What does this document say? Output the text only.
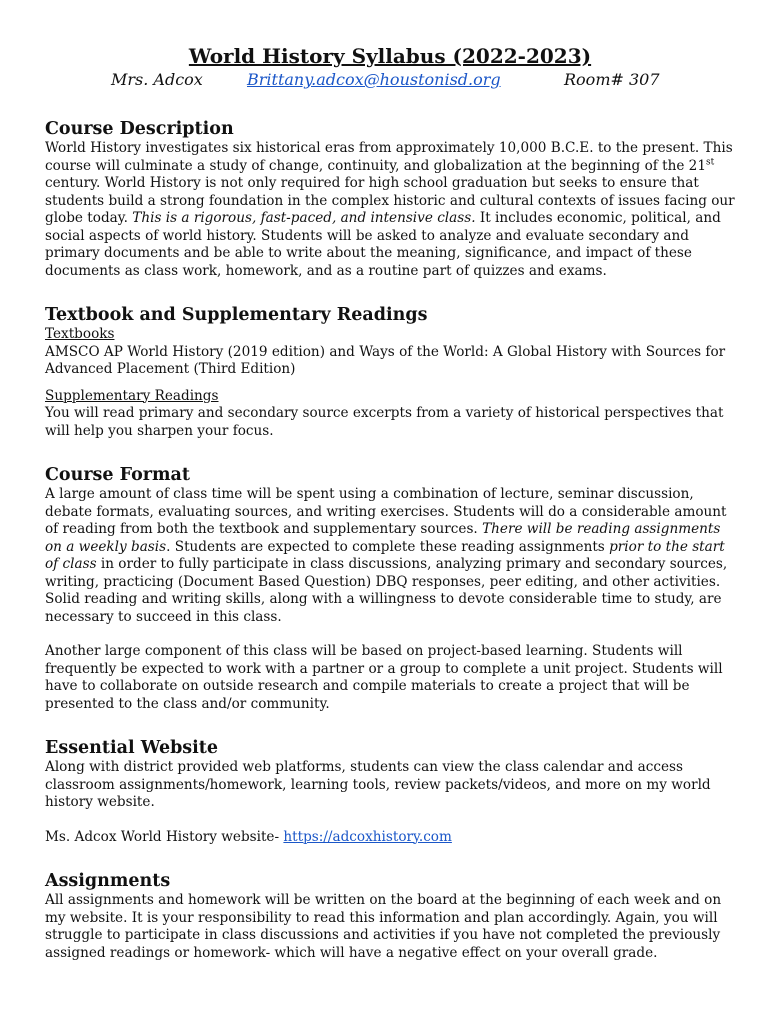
World History Syllabus (2022-2023)
Mrs. Adcox	Brittany.adcox@houstonisd.org	Room# 307
Course Description

World History investigates six historical eras from approximately 10,000 B.C.E. to the present. This course will culminate a study of change, continuity, and globalization at the beginning of the 21st century. World History is not only required for high school graduation but seeks to ensure that students build a strong foundation in the complex historic and cultural contexts of issues facing our globe today. This is a rigorous, fast-paced, and intensive class. It includes economic, political, and social aspects of world history. Students will be asked to analyze and evaluate secondary and primary documents and be able to write about the meaning, significance, and impact of these documents as class work, homework, and as a routine part of quizzes and exams.

Textbook and Supplementary Readings
Textbooks

AMSCO AP World History (2019 edition) and Ways of the World: A Global History with Sources for Advanced Placement (Third Edition)

Supplementary Readings

You will read primary and secondary source excerpts from a variety of historical perspectives that will help you sharpen your focus.

Course Format

A large amount of class time will be spent using a combination of lecture, seminar discussion, debate formats, evaluating sources, and writing exercises. Students will do a considerable amount of reading from both the textbook and supplementary sources. There will be reading assignments on a weekly basis. Students are expected to complete these reading assignments prior to the start of class in order to fully participate in class discussions, analyzing primary and secondary sources, writing, practicing (Document Based Question) DBQ responses, peer editing, and other activities. Solid reading and writing skills, along with a willingness to devote considerable time to study, are necessary to succeed in this class.

Another large component of this class will be based on project-based learning. Students will frequently be expected to work with a partner or a group to complete a unit project. Students will have to collaborate on outside research and compile materials to create a project that will be presented to the class and/or community.

Essential Website

Along with district provided web platforms, students can view the class calendar and access classroom assignments/homework, learning tools, review packets/videos, and more on my world history website.

Ms. Adcox World History website- https://adcoxhistory.com

Assignments

All assignments and homework will be written on the board at the beginning of each week and on my website. It is your responsibility to read this information and plan accordingly. Again, you will struggle to participate in class discussions and activities if you have not completed the previously assigned readings or homework- which will have a negative effect on your overall grade.
